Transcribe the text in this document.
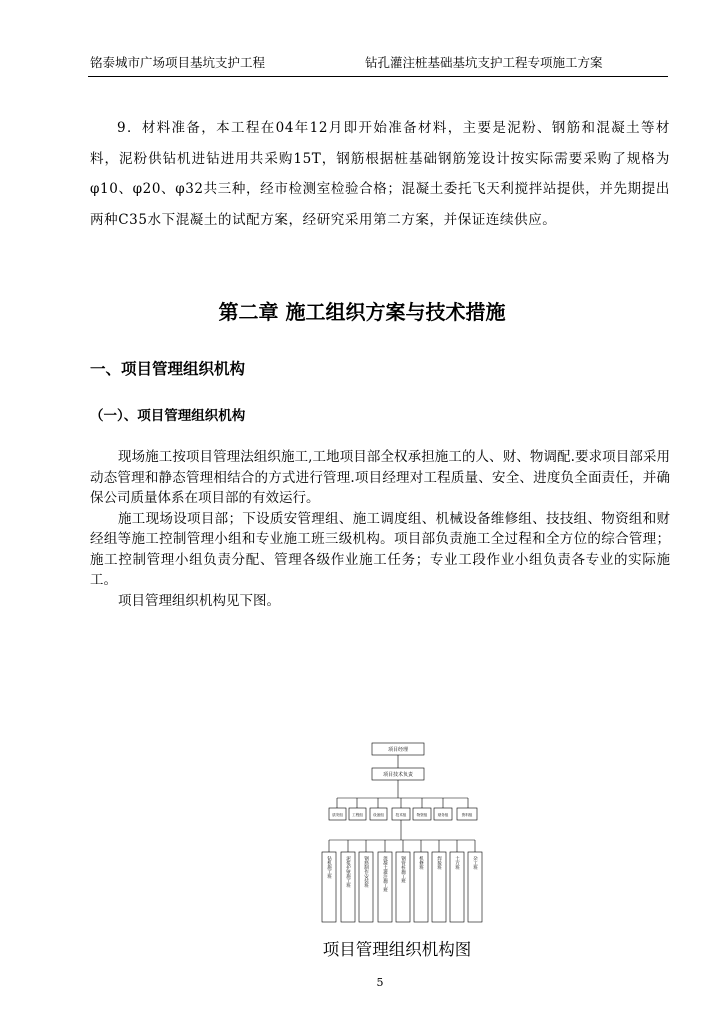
铭泰城市广场项目基坑支护工程	钻孔灌注桩基础基坑支护工程专项施工方案

9．材料准备，本工程在04年12月即开始准备材料，主要是泥粉、钢筋和混凝土等材料，泥粉供钻机进钻进用共采购15T，钢筋根据桩基础钢筋笼设计按实际需要采购了规格为φ10、φ20、φ32共三种，经市检测室检验合格；混凝土委托飞天利搅拌站提供，并先期提出两种C35水下混凝土的试配方案，经研究采用第二方案，并保证连续供应。

第二章 施工组织方案与技术措施
一、项目管理组织机构
（一）、项目管理组织机构

现场施工按项目管理法组织施工,工地项目部全权承担施工的人、财、物调配.要求项目部采用动态管理和静态管理相结合的方式进行管理.项目经理对工程质量、安全、进度负全面责任，并确保公司质量体系在项目部的有效运行。

施工现场设项目部；下设质安管理组、施工调度组、机械设备维修组、技技组、物资组和财经组等施工控制管理小组和专业施工班三级机构。项目部负责施工全过程和全方位的综合管理；施工控制管理小组负责分配、管理各级作业施工任务；专业工段作业小组负责各专业的实际施工。

项目管理组织机构见下图。

项目经理
项目技术负责
质安组	工程组	设备组	技术组	物资组	财务组	资料组
钻机施工班	泥浆护壁施工班	钢筋制作安装班	混凝土灌注施工班	钢管桩施工班	机修班	焊接班	土方班	杂工班
项目管理组织机构图
5
